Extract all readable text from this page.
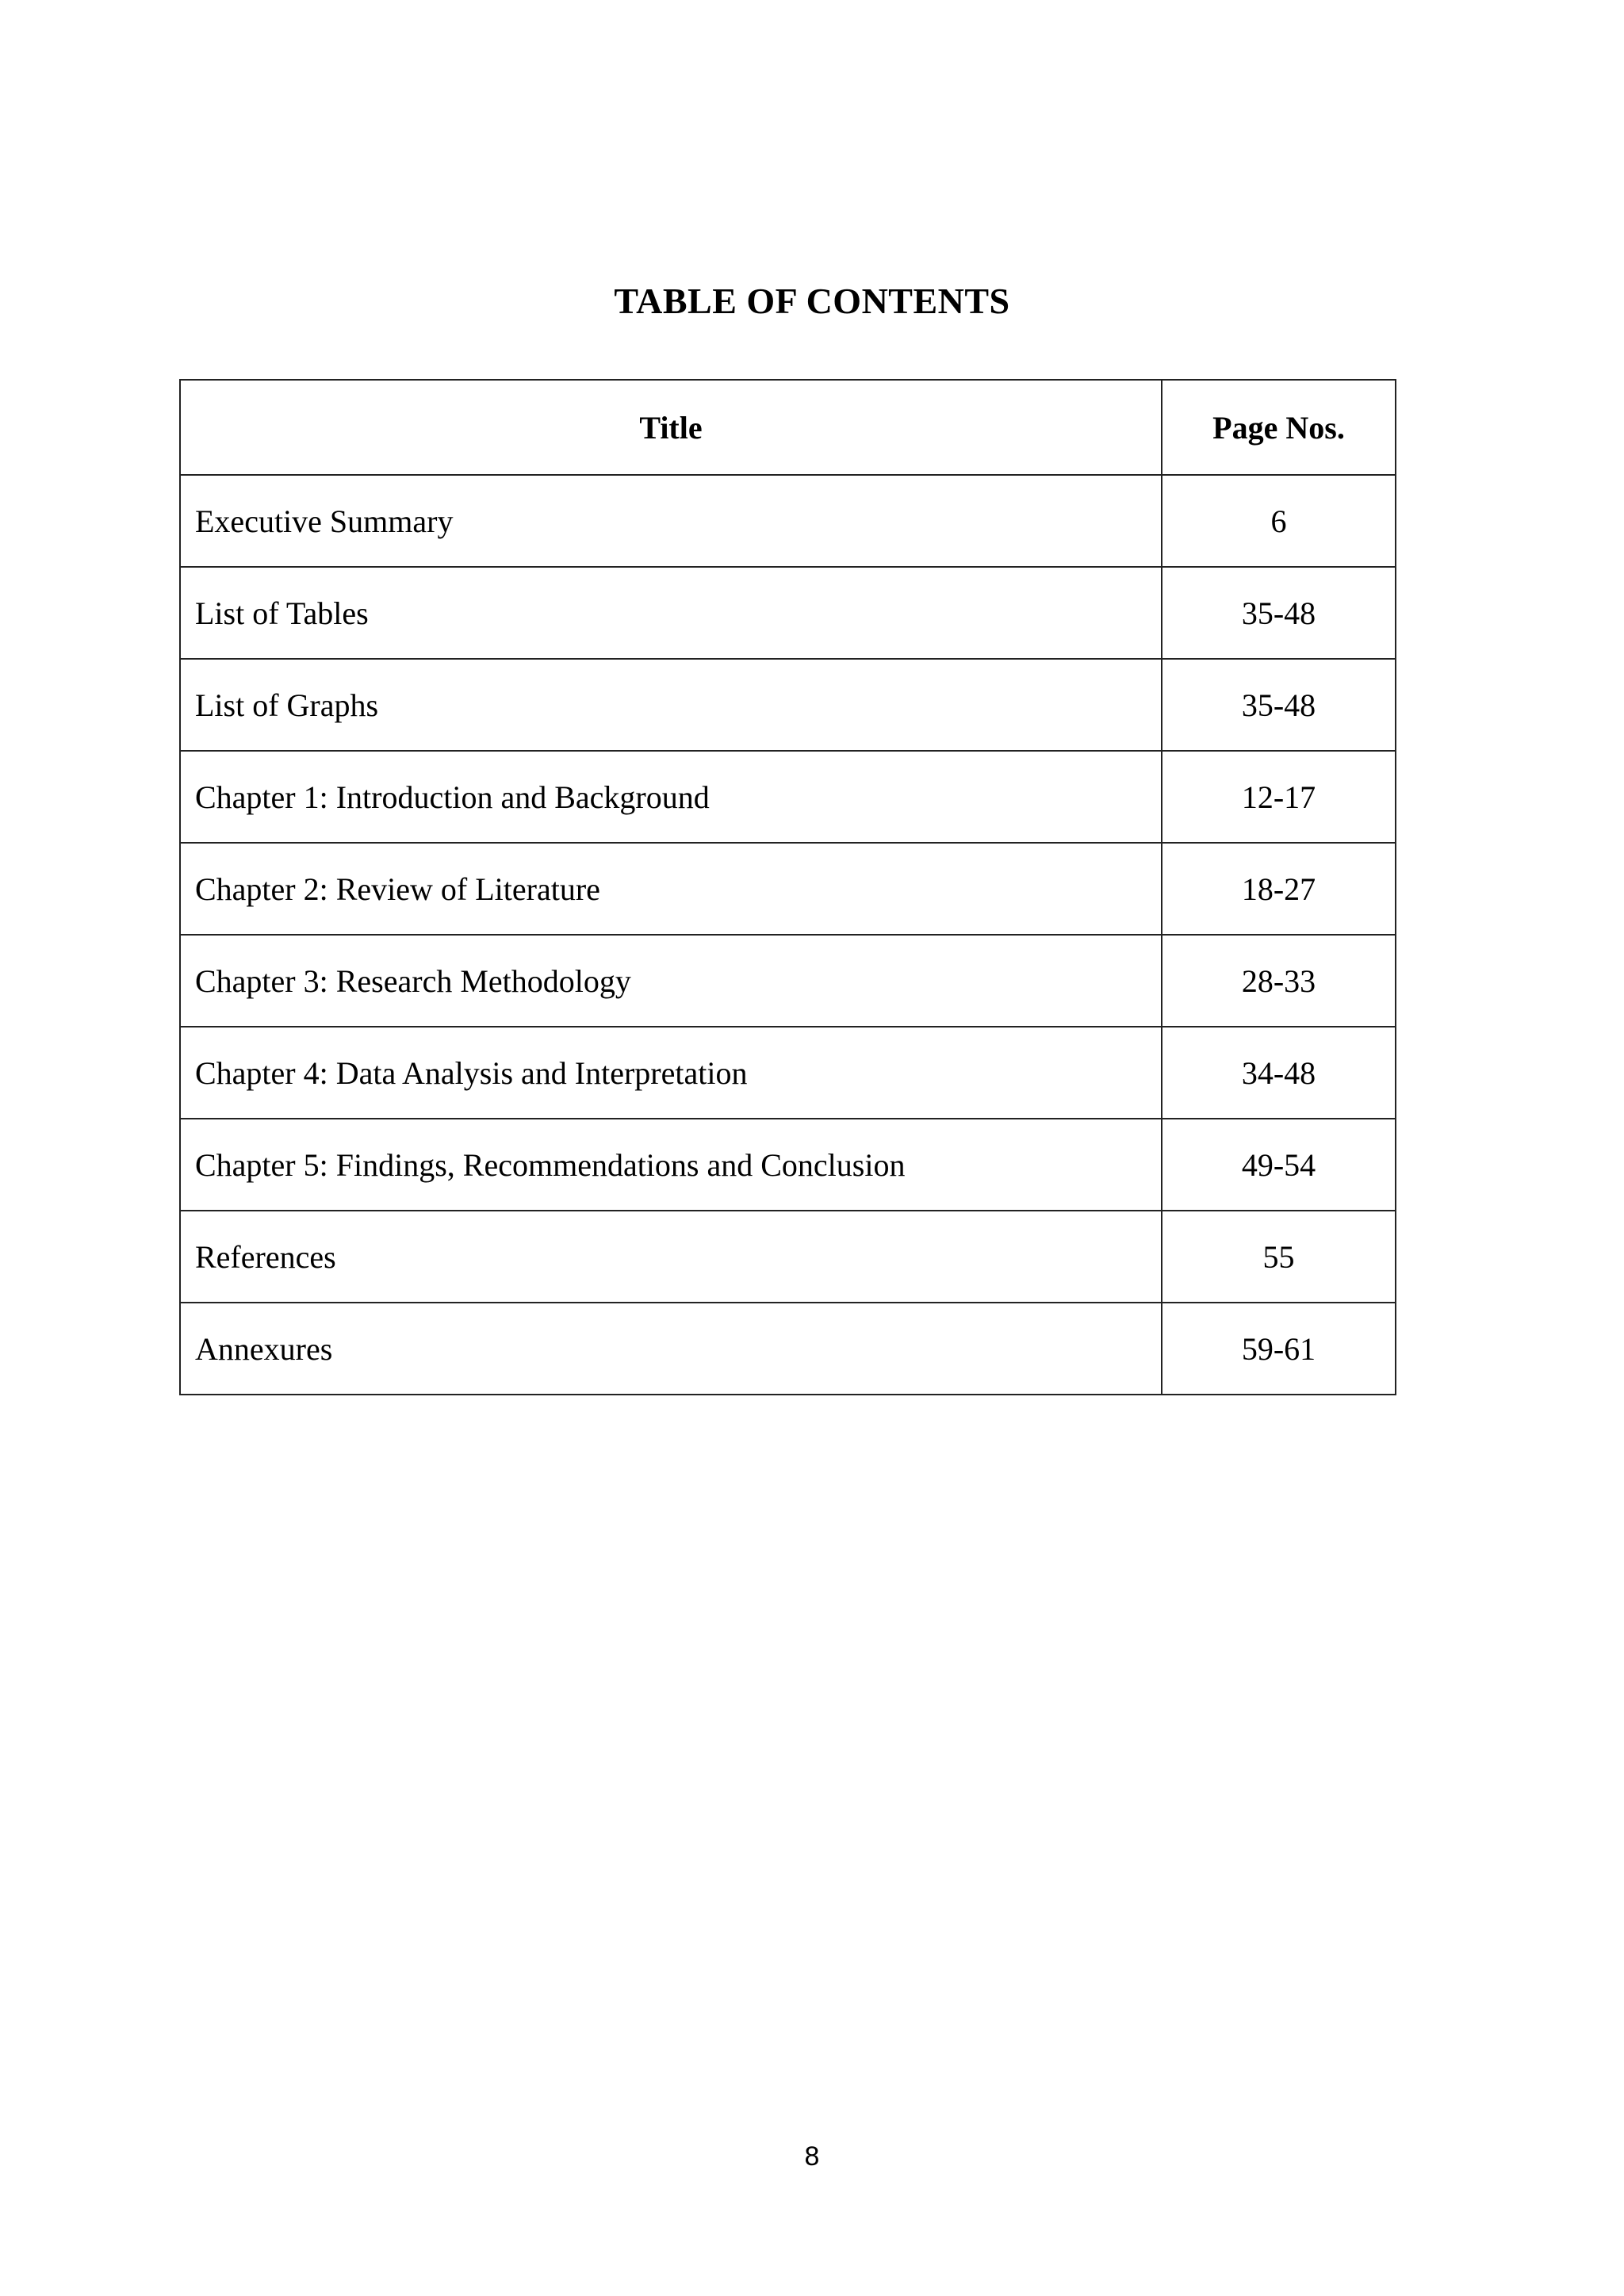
TABLE OF CONTENTS
Title	Page Nos.
Executive Summary	6
List of Tables	35-48
List of Graphs	35-48
Chapter 1: Introduction and Background	12-17
Chapter 2: Review of Literature	18-27
Chapter 3: Research Methodology	28-33
Chapter 4: Data Analysis and Interpretation	34-48
Chapter 5: Findings, Recommendations and Conclusion	49-54
References	55
Annexures	59-61
8
